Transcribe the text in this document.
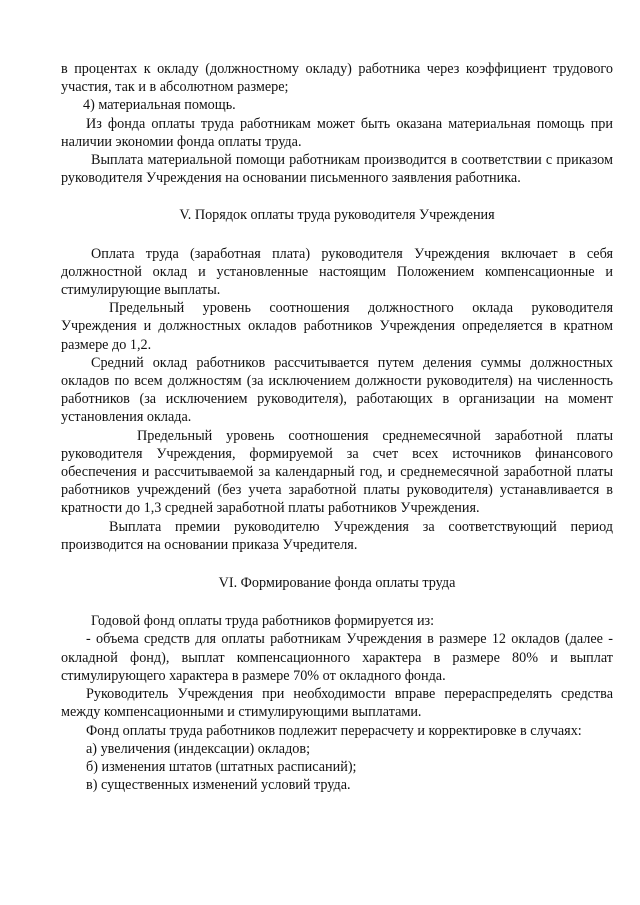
в процентах к окладу (должностному окладу) работника через коэффициент трудового участия, так и в абсолютном размере;

4) материальная помощь.

Из фонда оплаты труда работникам может быть оказана материальная помощь при наличии экономии фонда оплаты труда.

Выплата материальной помощи работникам производится в соответствии с приказом руководителя Учреждения на основании письменного заявления работника.

V. Порядок оплаты труда руководителя Учреждения

Оплата труда (заработная плата) руководителя Учреждения включает в себя должностной оклад и установленные настоящим Положением компенсационные и стимулирующие выплаты.

Предельный уровень соотношения должностного оклада руководителя Учреждения и должностных окладов работников Учреждения определяется в кратном размере до 1,2.

Средний оклад работников рассчитывается путем деления суммы должностных окладов по всем должностям (за исключением должности руководителя) на численность работников (за исключением руководителя), работающих в организации на момент установления оклада.

Предельный уровень соотношения среднемесячной заработной платы руководителя Учреждения, формируемой за счет всех источников финансового обеспечения и рассчитываемой за календарный год, и среднемесячной заработной платы работников учреждений (без учета заработной платы руководителя) устанавливается в кратности до 1,3 средней заработной платы работников Учреждения.

Выплата премии руководителю Учреждения за соответствующий период производится на основании приказа Учредителя.

VI. Формирование фонда оплаты труда

Годовой фонд оплаты труда работников формируется из:

- объема средств для оплаты работникам Учреждения в размере 12 окладов (далее - окладной фонд), выплат компенсационного характера в размере 80% и выплат стимулирующего характера в размере 70% от окладного фонда.

Руководитель Учреждения при необходимости вправе перераспределять средства между компенсационными и стимулирующими выплатами.

Фонд оплаты труда работников подлежит перерасчету и корректировке в случаях:

а) увеличения (индексации) окладов;

б) изменения штатов (штатных расписаний);

в) существенных изменений условий труда.
